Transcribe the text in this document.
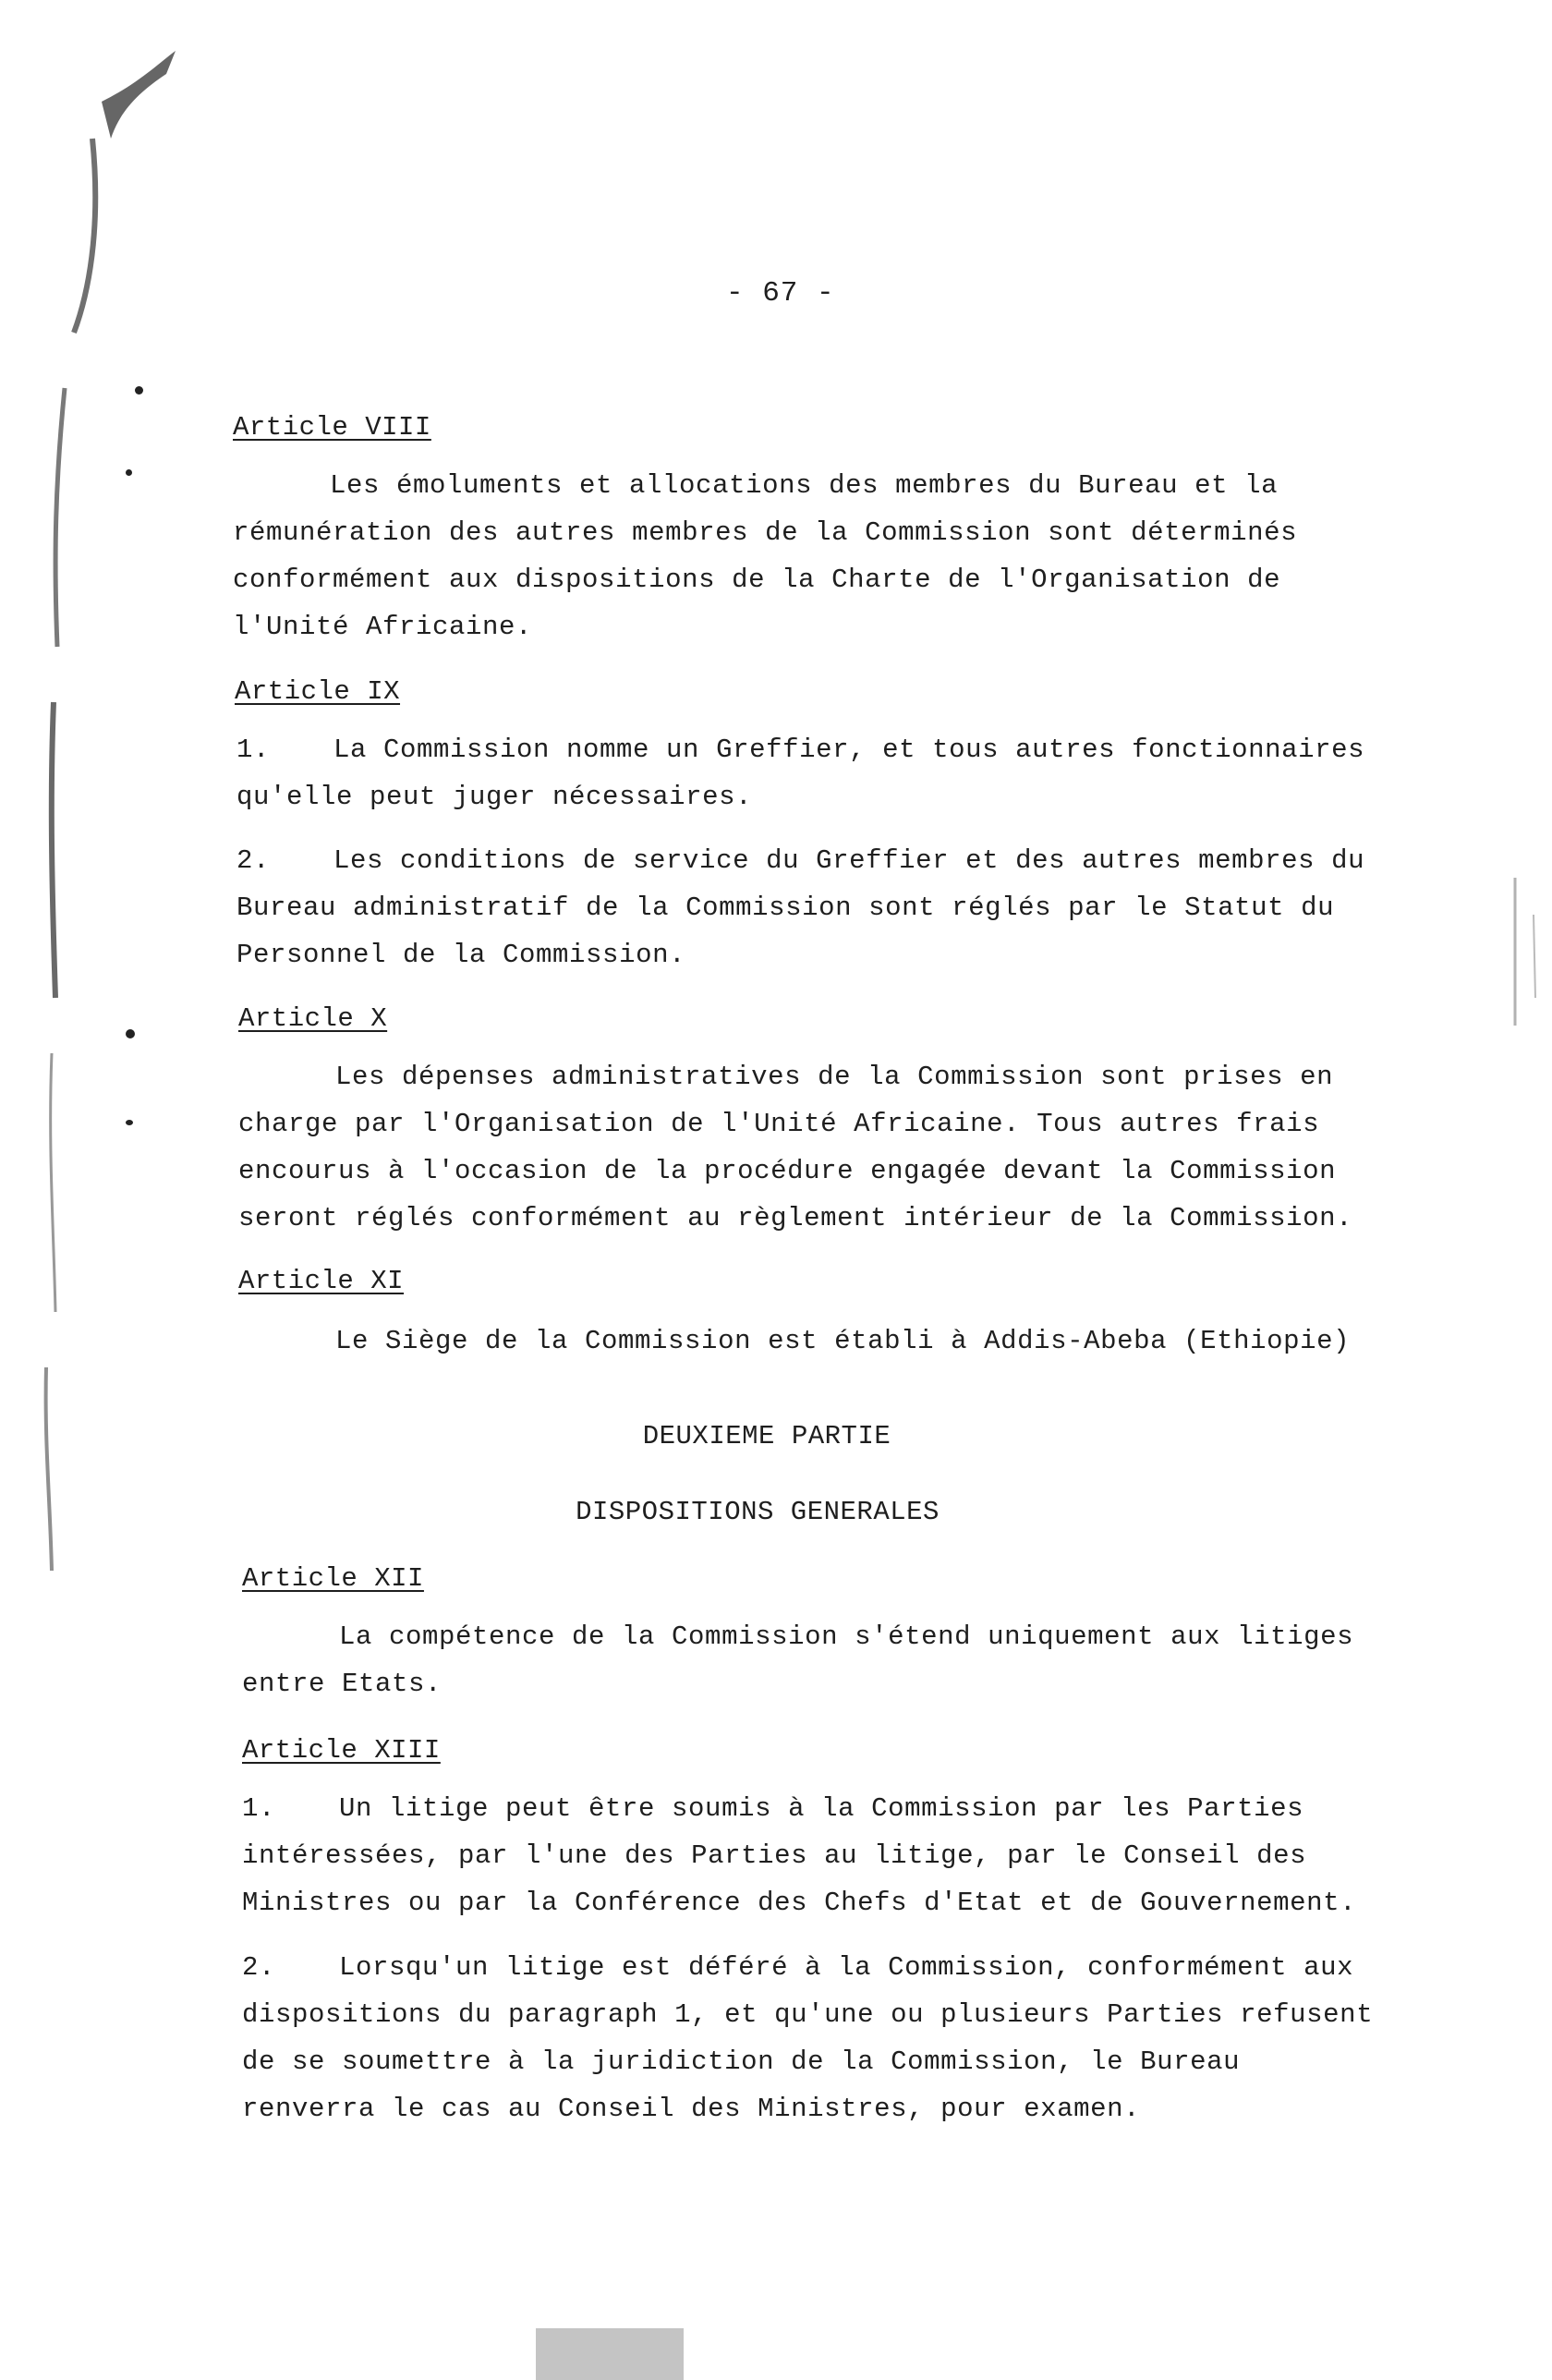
- 67 -
Article VIII
Les émoluments et allocations des membres du Bureau et la rémunération des autres membres de la Commission sont déterminés conformément aux dispositions de la Charte de l'Organisation de l'Unité Africaine.
Article IX
1. La Commission nomme un Greffier, et tous autres fonctionnaires qu'elle peut juger nécessaires.
2. Les conditions de service du Greffier et des autres membres du Bureau administratif de la Commission sont réglés par le Statut du Personnel de la Commission.
Article X
Les dépenses administratives de la Commission sont prises en charge par l'Organisation de l'Unité Africaine. Tous autres frais encourus à l'occasion de la procédure engagée devant la Commission seront réglés conformément au règlement intérieur de la Commission.
Article XI
Le Siège de la Commission est établi à Addis-Abeba (Ethiopie)
DEUXIEME PARTIE
DISPOSITIONS GENERALES
Article XII
La compétence de la Commission s'étend uniquement aux litiges entre Etats.
Article XIII
1. Un litige peut être soumis à la Commission par les Parties intéressées, par l'une des Parties au litige, par le Conseil des Ministres ou par la Conférence des Chefs d'Etat et de Gouvernement.
2. Lorsqu'un litige est déféré à la Commission, conformément aux dispositions du paragraph 1, et qu'une ou plusieurs Parties refusent de se soumettre à la juridiction de la Commission, le Bureau renverra le cas au Conseil des Ministres, pour examen.
